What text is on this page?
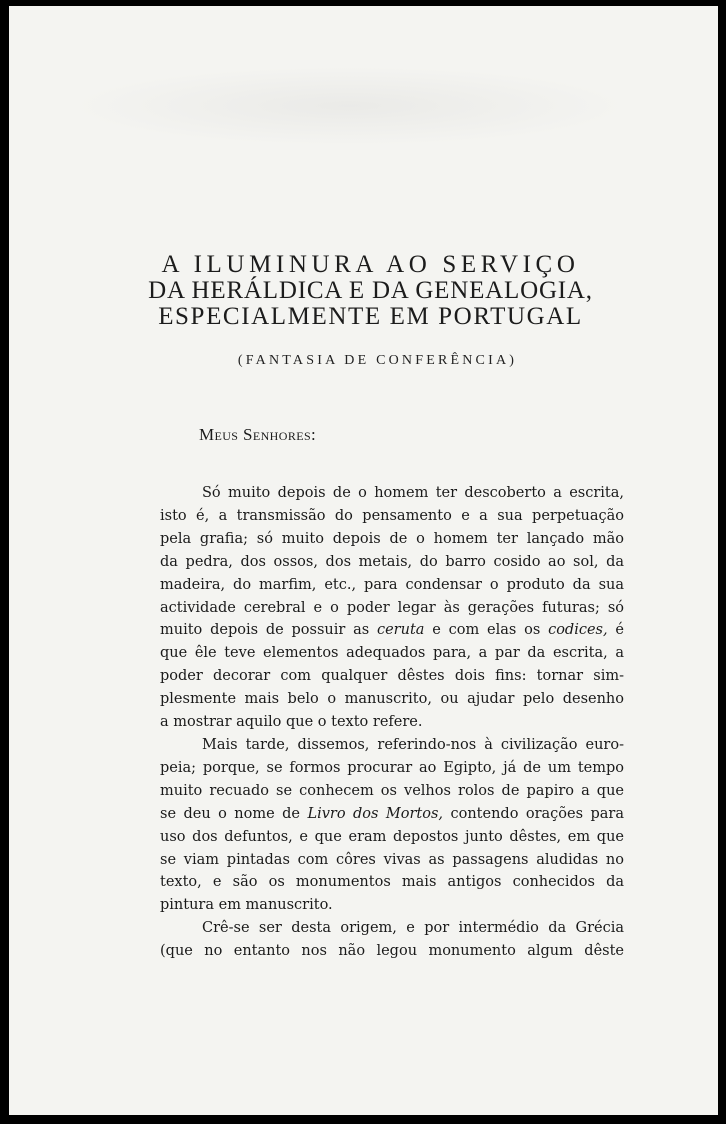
A ILUMINURA AO SERVIÇO
DA HERÁLDICA E DA GENEALOGIA,
ESPECIALMENTE EM PORTUGAL
(FANTASIA DE CONFERÊNCIA)
Meus Senhores:
Só muito depois de o homem ter descoberto a escrita,
isto é, a transmissão do pensamento e a sua perpetuação
pela grafia; só muito depois de o homem ter lançado mão
da pedra, dos ossos, dos metais, do barro cosido ao sol, da
madeira, do marfim, etc., para condensar o produto da sua
actividade cerebral e o poder legar às gerações futuras; só
muito depois de possuir as ceruta e com elas os codices, é
que êle teve elementos adequados para, a par da escrita, a
poder decorar com qualquer dêstes dois fins: tornar sim-
plesmente mais belo o manuscrito, ou ajudar pelo desenho
a mostrar aquilo que o texto refere.
Mais tarde, dissemos, referindo-nos à civilização euro-
peia; porque, se formos procurar ao Egipto, já de um tempo
muito recuado se conhecem os velhos rolos de papiro a que
se deu o nome de Livro dos Mortos, contendo orações para
uso dos defuntos, e que eram depostos junto dêstes, em que
se viam pintadas com côres vivas as passagens aludidas no
texto, e são os monumentos mais antigos conhecidos da
pintura em manuscrito.
Crê-se ser desta origem, e por intermédio da Grécia
(que no entanto nos não legou monumento algum dêste
